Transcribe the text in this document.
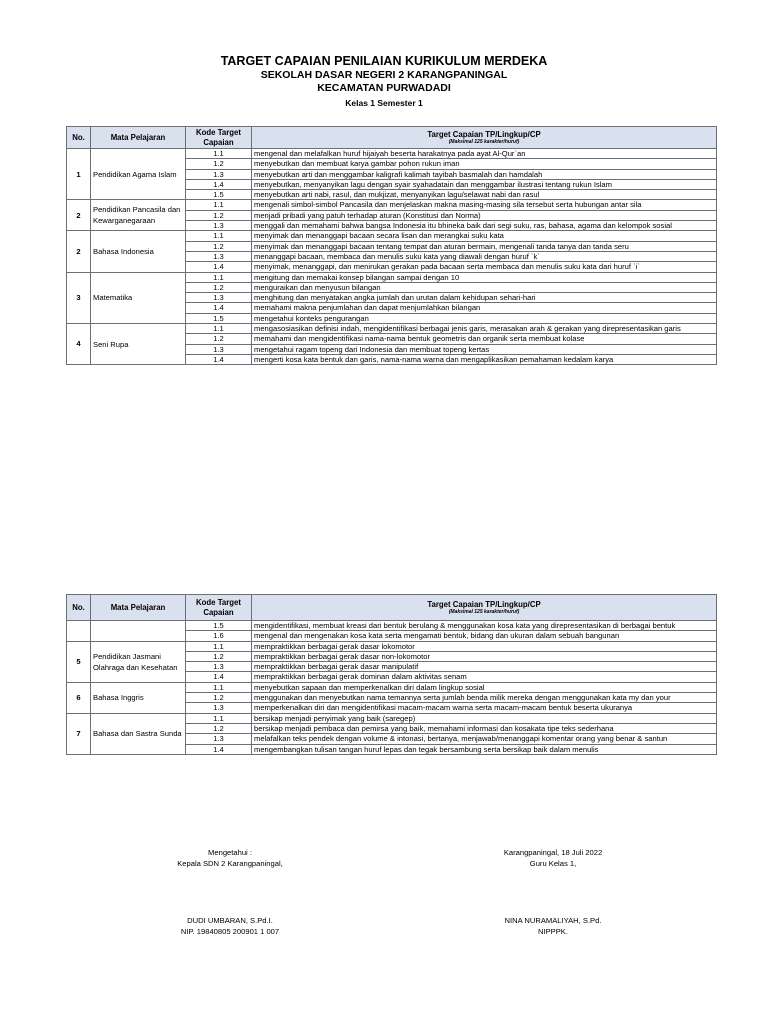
TARGET CAPAIAN PENILAIAN KURIKULUM MERDEKA
SEKOLAH DASAR NEGERI 2 KARANGPANINGAL
KECAMATAN PURWADADI
Kelas 1 Semester 1
No.	Mata Pelajaran	Kode Target Capaian	Target Capaian TP/Lingkup/CP
(Maksimal 125 karakter/huruf)

1	Pendidikan Agama Islam	1.1	mengenal dan melafalkan huruf hijaiyah beserta harakatnya pada ayat Al-Qur`an
		1.2	menyebutkan dan membuat karya gambar pohon rukun iman
		1.3	menyebutkan arti dan menggambar kaligrafi kalimah tayibah basmalah dan hamdalah
		1.4	menyebutkan, menyanyikan lagu dengan syair syahadatain dan menggambar ilustrasi tentang rukun Islam
		1.5	menyebutkan arti nabi, rasul, dan mukjizat, menyanyikan lagu/selawat nabi dan rasul
2	Pendidikan Pancasila dan Kewarganegaraan	1.1	mengenali simbol-simbol Pancasila dan menjelaskan makna masing-masing sila tersebut serta hubungan antar sila
		1.2	menjadi pribadi yang patuh terhadap aturan (Konstitusi dan Norma)
		1.3	menggali dan memahami bahwa bangsa Indonesia itu bhineka baik dari segi suku, ras, bahasa, agama dan kelompok sosial
2	Bahasa Indonesia	1.1	menyimak dan menanggapi bacaan secara lisan dan merangkai suku kata
		1.2	menyimak dan menanggapi bacaan tentang tempat dan aturan bermain, mengenali tanda tanya dan tanda seru
		1.3	menanggapi bacaan, membaca dan menulis suku kata yang diawali dengan huruf `k`
		1.4	menyimak, menanggapi, dan menirukan gerakan pada bacaan serta membaca dan menulis suku kata dari huruf `i`
3	Matematika	1.1	mengitung dan memakai konsep bilangan sampai dengan 10
		1.2	menguraikan dan menyusun bilangan
		1.3	menghitung dan menyatakan angka jumlah dan urutan dalam kehidupan sehari-hari
		1.4	memahami makna penjumlahan dan dapat menjumlahkan bilangan
		1.5	mengetahui konteks pengurangan
4	Seni Rupa	1.1	mengasosiasikan definisi indah, mengidentifikasi berbagai jenis garis, merasakan arah & gerakan yang direpresentasikan garis
		1.2	memahami dan mengidentifikasi nama-nama bentuk geometris dan organik serta membuat kolase
		1.3	mengetahui ragam topeng dari Indonesia dan membuat topeng kertas
		1.4	mengerti kosa kata bentuk dan garis, nama-nama warna dan mengaplikasikan pemahaman kedalam karya
No.	Mata Pelajaran	Kode Target Capaian	Target Capaian TP/Lingkup/CP
(Maksimal 125 karakter/huruf)

		1.5	mengidentifikasi, membuat kreasi dari bentuk berulang & menggunakan kosa kata yang direpresentasikan di berbagai bentuk
		1.6	mengenal dan mengenakan kosa kata serta mengamati bentuk, bidang dan ukuran dalam sebuah bangunan
5	Pendidikan Jasmani Olahraga dan Kesehatan	1.1	mempraktikkan berbagai gerak dasar lokomotor
		1.2	mempraktikkan berbagai gerak dasar non-lokomotor
		1.3	mempraktikkan berbagai gerak dasar manipulatif
		1.4	mempraktikkan berbagai gerak dominan dalam aktivitas senam
6	Bahasa Inggris	1.1	menyebutkan sapaan dan memperkenalkan diri dalam lingkup sosial
		1.2	menggunakan dan menyebutkan nama temannya serta jumlah benda milik mereka dengan menggunakan kata my dan your
		1.3	memperkenalkan diri dan mengidentifikasi macam-macam warna serta macam-macam bentuk beserta ukuranya
7	Bahasa dan Sastra Sunda	1.1	bersikap menjadi penyimak yang baik (saregep)
		1.2	bersikap menjadi pembaca dan pemirsa yang baik, memahami informasi dan kosakata tipe teks sederhana
		1.3	melafalkan teks pendek dengan volume & intonasi, bertanya, menjawab/menanggapi komentar orang yang benar & santun
		1.4	mengembangkan tulisan tangan huruf lepas dan tegak bersambung serta bersikap baik dalam menulis
Mengetahui :
Kepala SDN 2 Karangpaningal,
DUDI UMBARAN, S.Pd.I.
NIP. 19840805 200901 1 007
Karangpaningal, 18 Juli 2022
Guru Kelas 1,
NINA NURAMALIYAH, S.Pd.
NIPPPK.
